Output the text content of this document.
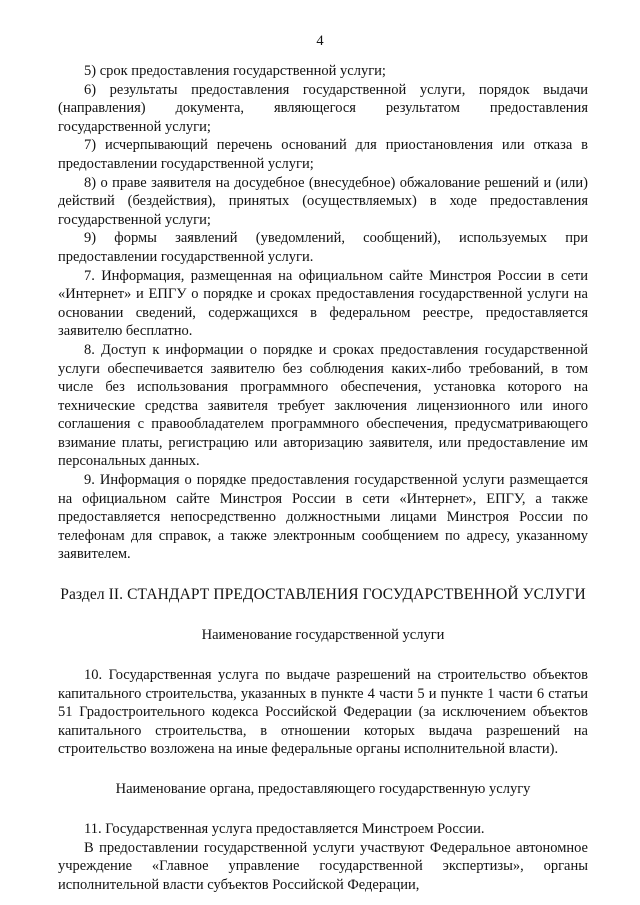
4

5) срок предоставления государственной услуги;

6) результаты предоставления государственной услуги, порядок выдачи (направления) документа, являющегося результатом предоставления государственной услуги;

7) исчерпывающий перечень оснований для приостановления или отказа в предоставлении государственной услуги;

8) о праве заявителя на досудебное (внесудебное) обжалование решений и (или) действий (бездействия), принятых (осуществляемых) в ходе предоставления государственной услуги;

9) формы заявлений (уведомлений, сообщений), используемых при предоставлении государственной услуги.

7. Информация, размещенная на официальном сайте Минстроя России в сети «Интернет» и ЕПГУ о порядке и сроках предоставления государственной услуги на основании сведений, содержащихся в федеральном реестре, предоставляется заявителю бесплатно.

8. Доступ к информации о порядке и сроках предоставления государственной услуги обеспечивается заявителю без соблюдения каких-либо требований, в том числе без использования программного обеспечения, установка которого на технические средства заявителя требует заключения лицензионного или иного соглашения с правообладателем программного обеспечения, предусматривающего взимание платы, регистрацию или авторизацию заявителя, или предоставление им персональных данных.

9. Информация о порядке предоставления государственной услуги размещается на официальном сайте Минстроя России в сети «Интернет», ЕПГУ, а также предоставляется непосредственно должностными лицами Минстроя России по телефонам для справок, а также электронным сообщением по адресу, указанному заявителем.

Раздел II. СТАНДАРТ ПРЕДОСТАВЛЕНИЯ ГОСУДАРСТВЕННОЙ УСЛУГИ
Наименование государственной услуги

10. Государственная услуга по выдаче разрешений на строительство объектов капитального строительства, указанных в пункте 4 части 5 и пункте 1 части 6 статьи 51 Градостроительного кодекса Российской Федерации (за исключением объектов капитального строительства, в отношении которых выдача разрешений на строительство возложена на иные федеральные органы исполнительной власти).

Наименование органа, предоставляющего государственную услугу

11. Государственная услуга предоставляется Минстроем России.

В предоставлении государственной услуги участвуют Федеральное автономное учреждение «Главное управление государственной экспертизы», органы исполнительной власти субъектов Российской Федерации,
